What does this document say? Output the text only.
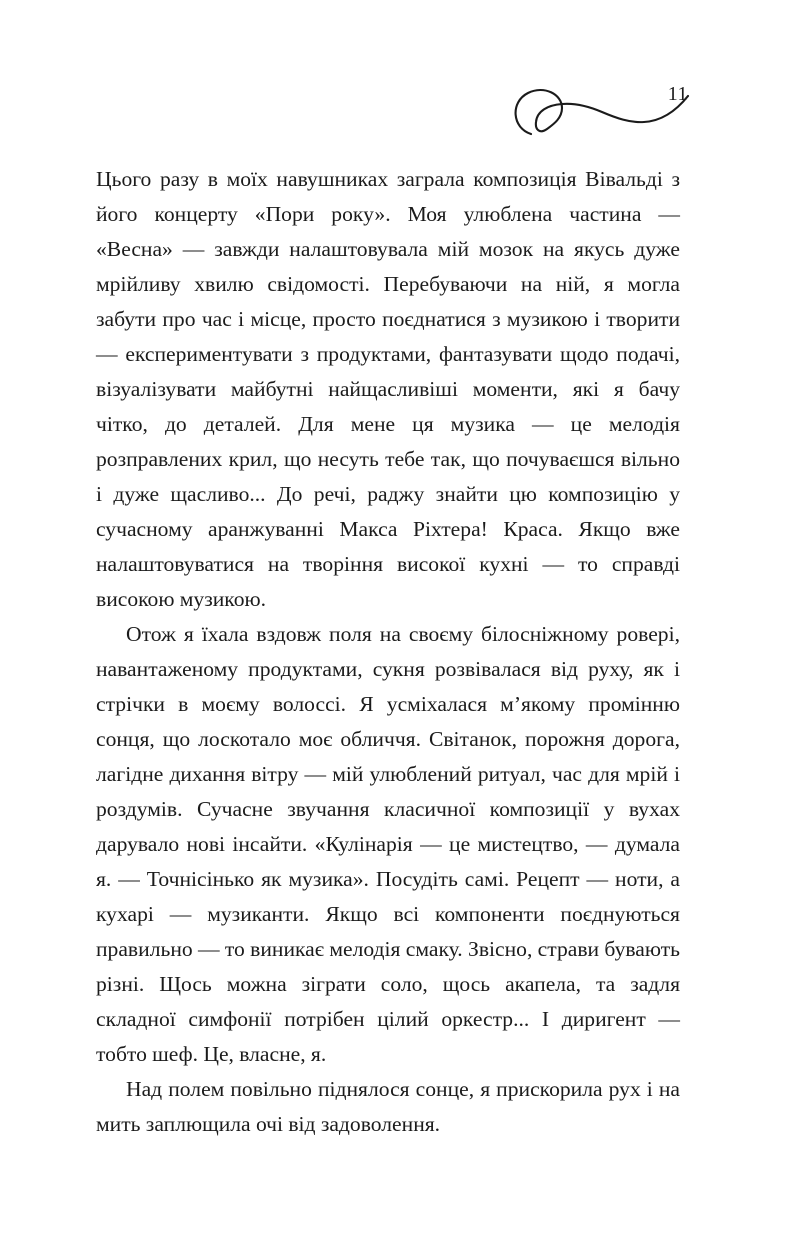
11

Цього разу в моїх навушниках заграла композиція Вівальді з його концерту «Пори року». Моя улюблена частина — «Весна» — завжди налаштовувала мій мозок на якусь дуже мрійливу хвилю свідомості. Перебуваючи на ній, я могла забути про час і місце, просто поєднатися з музикою і творити — експериментувати з продуктами, фантазувати щодо подачі, візуалізувати майбутні найщасливіші моменти, які я бачу чітко, до деталей. Для мене ця музика — це мелодія розправлених крил, що несуть тебе так, що почуваєшся вільно і дуже щасливо... До речі, раджу знайти цю композицію у сучасному аранжуванні Макса Ріхтера! Краса. Якщо вже налаштовуватися на творіння високої кухні — то справді високою музикою.

Отож я їхала вздовж поля на своєму білосніжному ровері, навантаженому продуктами, сукня розвівалася від руху, як і стрічки в моєму волоссі. Я усміхалася м’якому промінню сонця, що лоскотало моє обличчя. Світанок, порожня дорога, лагідне дихання вітру — мій улюблений ритуал, час для мрій і роздумів. Сучасне звучання класичної композиції у вухах дарувало нові інсайти. «Кулінарія — це мистецтво, — думала я. — Точнісінько як музика». Посудіть самі. Рецепт — ноти, а кухарі — музиканти. Якщо всі компоненти поєднуються правильно — то виникає мелодія смаку. Звісно, страви бувають різні. Щось можна зіграти соло, щось акапела, та задля складної симфонії потрібен цілий оркестр... І диригент — тобто шеф. Це, власне, я.

Над полем повільно піднялося сонце, я прискорила рух і на мить заплющила очі від задоволення.
